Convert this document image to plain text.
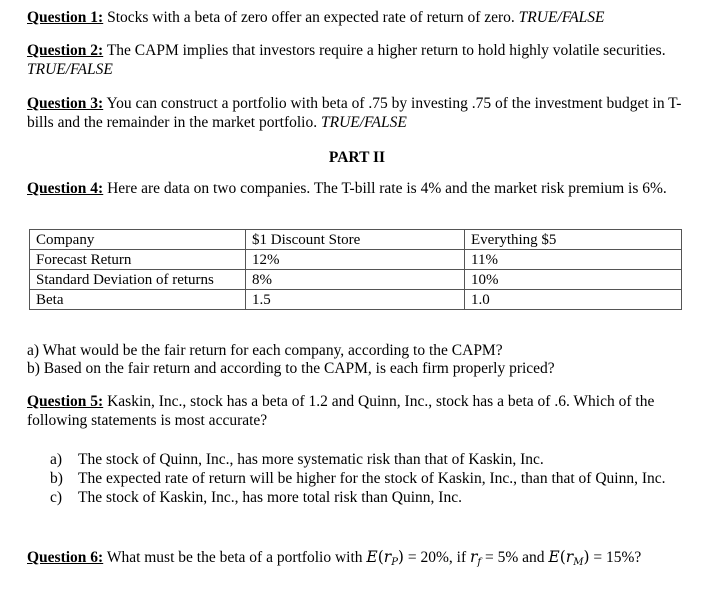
Question 1: Stocks with a beta of zero offer an expected rate of return of zero. TRUE/FALSE

Question 2: The CAPM implies that investors require a higher return to hold highly volatile securities. TRUE/FALSE

Question 3: You can construct a portfolio with beta of .75 by investing .75 of the investment budget in T-bills and the remainder in the market portfolio. TRUE/FALSE

PART II

Question 4: Here are data on two companies. The T-bill rate is 4% and the market risk premium is 6%.

Company	$1 Discount Store	Everything $5
Forecast Return	12%	11%
Standard Deviation of returns	8%	10%
Beta	1.5	1.0

a) What would be the fair return for each company, according to the CAPM?

b) Based on the fair return and according to the CAPM, is each firm properly priced?

Question 5: Kaskin, Inc., stock has a beta of 1.2 and Quinn, Inc., stock has a beta of .6. Which of the following statements is most accurate?

a) The stock of Quinn, Inc., has more systematic risk than that of Kaskin, Inc.
b) The expected rate of return will be higher for the stock of Kaskin, Inc., than that of Quinn, Inc.
c) The stock of Kaskin, Inc., has more total risk than Quinn, Inc.

Question 6: What must be the beta of a portfolio with $E(r_P) = 20\%$, if $r_f = 5\%$ and $E(r_M) = 15\%$?
